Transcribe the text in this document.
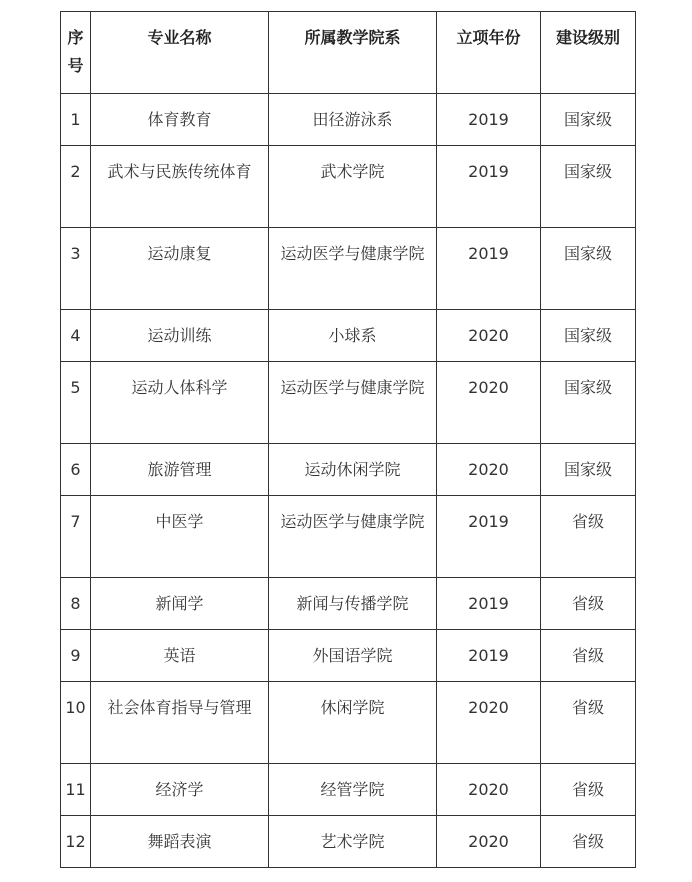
序号	专业名称	所属教学院系	立项年份	建设级别
1	体育教育	田径游泳系	2019	国家级
2	武术与民族传统体育	武术学院	2019	国家级
3	运动康复	运动医学与健康学院	2019	国家级
4	运动训练	小球系	2020	国家级
5	运动人体科学	运动医学与健康学院	2020	国家级
6	旅游管理	运动休闲学院	2020	国家级
7	中医学	运动医学与健康学院	2019	省级
8	新闻学	新闻与传播学院	2019	省级
9	英语	外国语学院	2019	省级
10	社会体育指导与管理	休闲学院	2020	省级
11	经济学	经管学院	2020	省级
12	舞蹈表演	艺术学院	2020	省级
